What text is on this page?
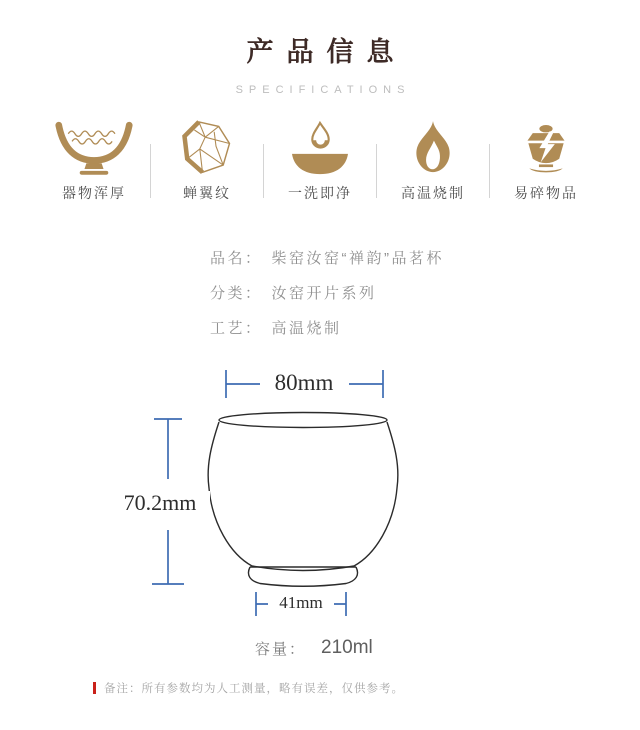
产品信息
SPECIFICATIONS
器物浑厚	蝉翼纹	一洗即净	高温烧制	易碎物品
品名： 柴窑汝窑“禅韵”品茗杯
分类： 汝窑开片系列
工艺： 高温烧制
80mm
70.2mm
41mm
容量： 210ml
备注：所有参数均为人工测量，略有误差，仅供参考。
